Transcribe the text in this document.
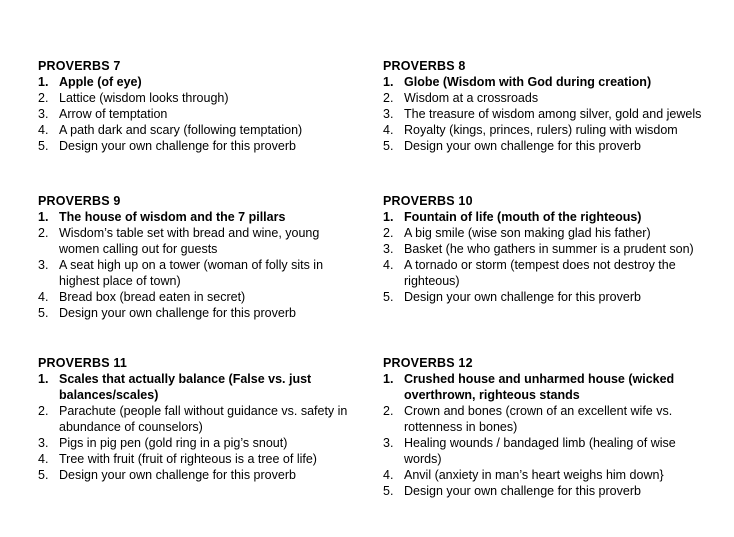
PROVERBS 7
1. Apple (of eye)
2. Lattice (wisdom looks through)
3. Arrow of temptation
4. A path dark and scary (following temptation)
5. Design your own challenge for this proverb
PROVERBS 8
1. Globe (Wisdom with God during creation)
2. Wisdom at a crossroads
3. The treasure of wisdom among silver, gold and jewels
4. Royalty (kings, princes, rulers) ruling with wisdom
5. Design your own challenge for this proverb
PROVERBS 9
1. The house of wisdom and the 7 pillars
2. Wisdom’s table set with bread and wine, young women calling out for guests
3. A seat high up on a tower (woman of folly sits in highest place of town)
4. Bread box (bread eaten in secret)
5. Design your own challenge for this proverb
PROVERBS 10
1. Fountain of life (mouth of the righteous)
2. A big smile (wise son making glad his father)
3. Basket (he who gathers in summer is a prudent son)
4. A tornado or storm (tempest does not destroy the righteous)
5. Design your own challenge for this proverb
PROVERBS 11
1. Scales that actually balance (False vs. just balances/scales)
2. Parachute (people fall without guidance vs. safety in abundance of counselors)
3. Pigs in pig pen (gold ring in a pig’s snout)
4. Tree with fruit (fruit of righteous is a tree of life)
5. Design your own challenge for this proverb
PROVERBS 12
1. Crushed house and unharmed house (wicked overthrown, righteous stands
2. Crown and bones (crown of an excellent wife vs. rottenness in bones)
3. Healing wounds / bandaged limb (healing of wise words)
4. Anvil (anxiety in man’s heart weighs him down}
5. Design your own challenge for this proverb
